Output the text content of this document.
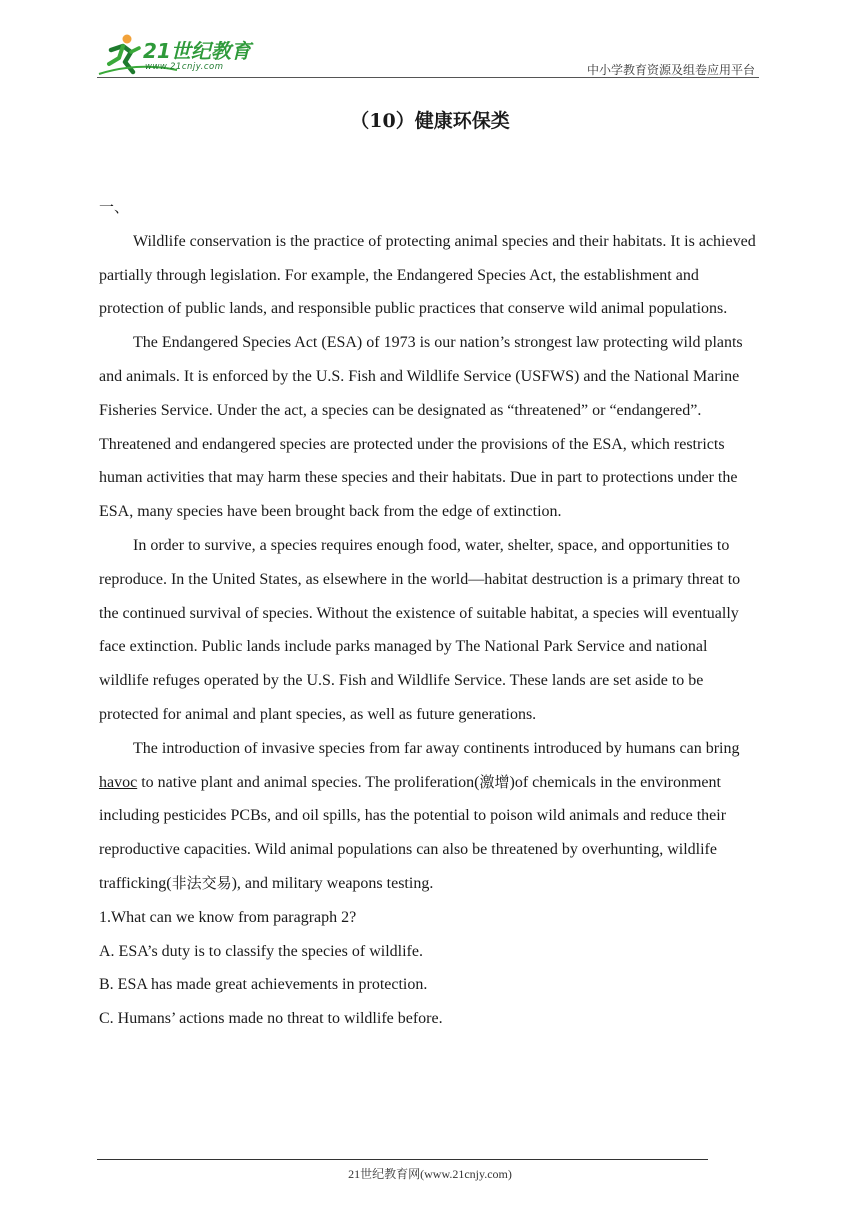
21世纪教育
www.21cnjy.com	中小学教育资源及组卷应用平台
（10）健康环保类

一、

Wildlife conservation is the practice of protecting animal species and their habitats. It is achieved partially through legislation. For example, the Endangered Species Act, the establishment and protection of public lands, and responsible public practices that conserve wild animal populations.

The Endangered Species Act (ESA) of 1973 is our nation’s strongest law protecting wild plants and animals. It is enforced by the U.S. Fish and Wildlife Service (USFWS) and the National Marine Fisheries Service. Under the act, a species can be designated as “threatened” or “endangered”. Threatened and endangered species are protected under the provisions of the ESA, which restricts human activities that may harm these species and their habitats. Due in part to protections under the ESA, many species have been brought back from the edge of extinction.

In order to survive, a species requires enough food, water, shelter, space, and opportunities to reproduce. In the United States, as elsewhere in the world—habitat destruction is a primary threat to the continued survival of species. Without the existence of suitable habitat, a species will eventually face extinction. Public lands include parks managed by The National Park Service and national wildlife refuges operated by the U.S. Fish and Wildlife Service. These lands are set aside to be protected for animal and plant species, as well as future generations.

The introduction of invasive species from far away continents introduced by humans can bring havoc to native plant and animal species. The proliferation(激增)of chemicals in the environment including pesticides PCBs, and oil spills, has the potential to poison wild animals and reduce their reproductive capacities. Wild animal populations can also be threatened by overhunting, wildlife trafficking(非法交易), and military weapons testing.

1.What can we know from paragraph 2?

A. ESA’s duty is to classify the species of wildlife.

B. ESA has made great achievements in protection.

C. Humans’ actions made no threat to wildlife before.

21世纪教育网(www.21cnjy.com)
